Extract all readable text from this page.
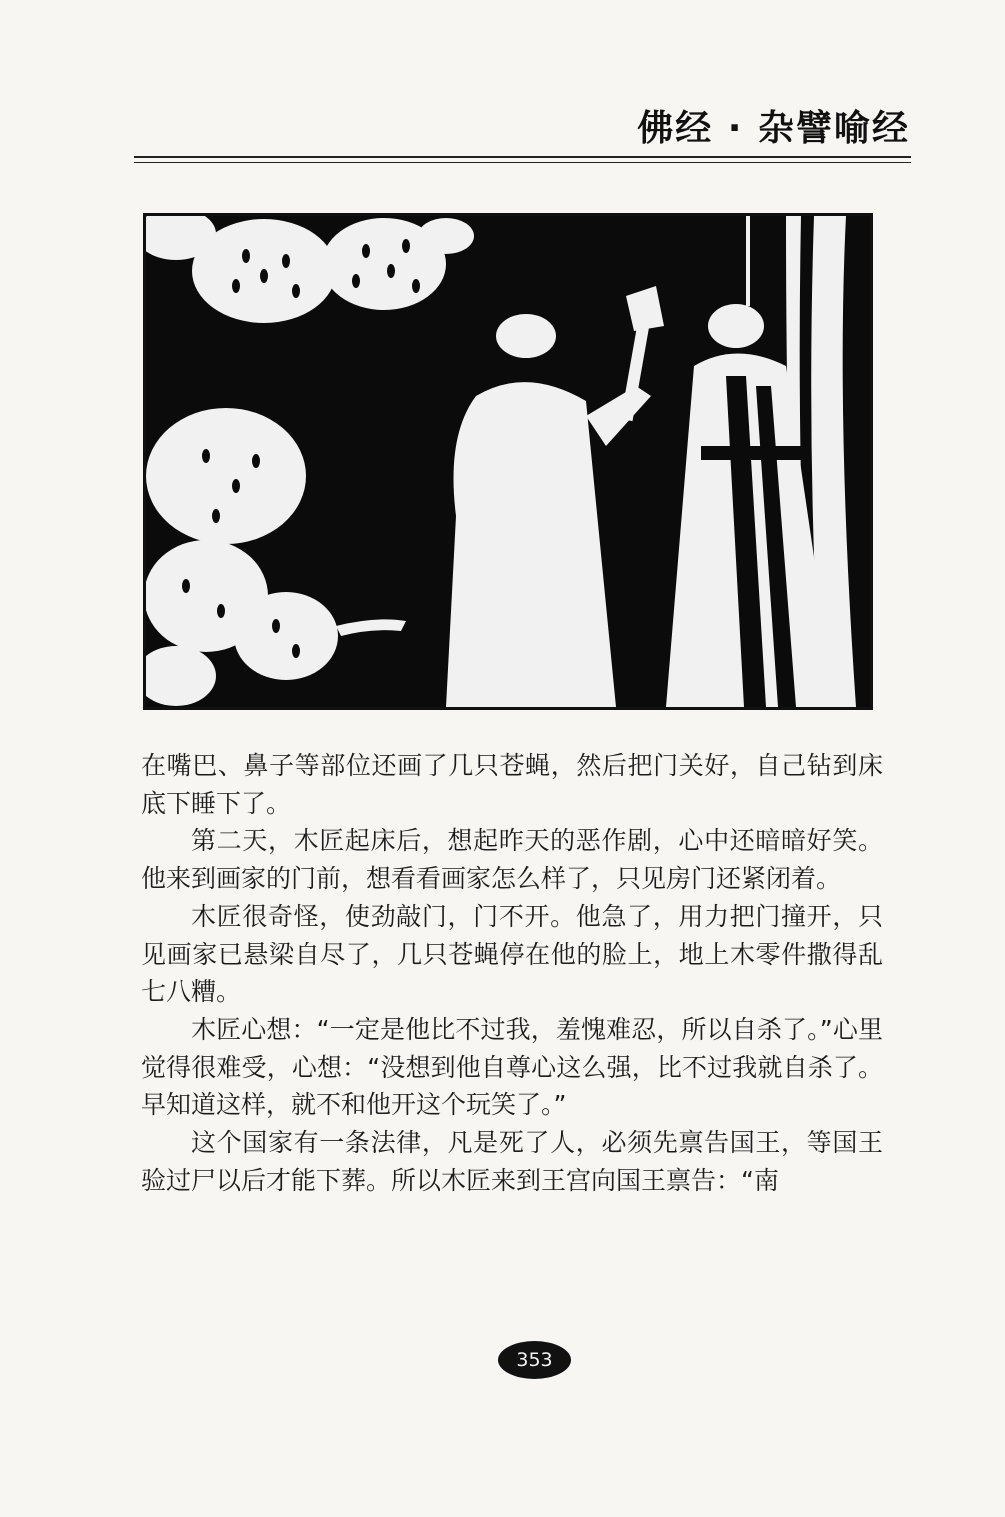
佛经 · 杂譬喻经

在嘴巴、鼻子等部位还画了几只苍蝇，然后把门关好，自己钻到床底下睡下了。

第二天，木匠起床后，想起昨天的恶作剧，心中还暗暗好笑。他来到画家的门前，想看看画家怎么样了，只见房门还紧闭着。

木匠很奇怪，使劲敲门，门不开。他急了，用力把门撞开，只见画家已悬梁自尽了，几只苍蝇停在他的脸上，地上木零件撒得乱七八糟。

木匠心想：“一定是他比不过我，羞愧难忍，所以自杀了。”心里觉得很难受，心想：“没想到他自尊心这么强，比不过我就自杀了。早知道这样，就不和他开这个玩笑了。”

这个国家有一条法律，凡是死了人，必须先禀告国王，等国王验过尸以后才能下葬。所以木匠来到王宫向国王禀告：“南

353
